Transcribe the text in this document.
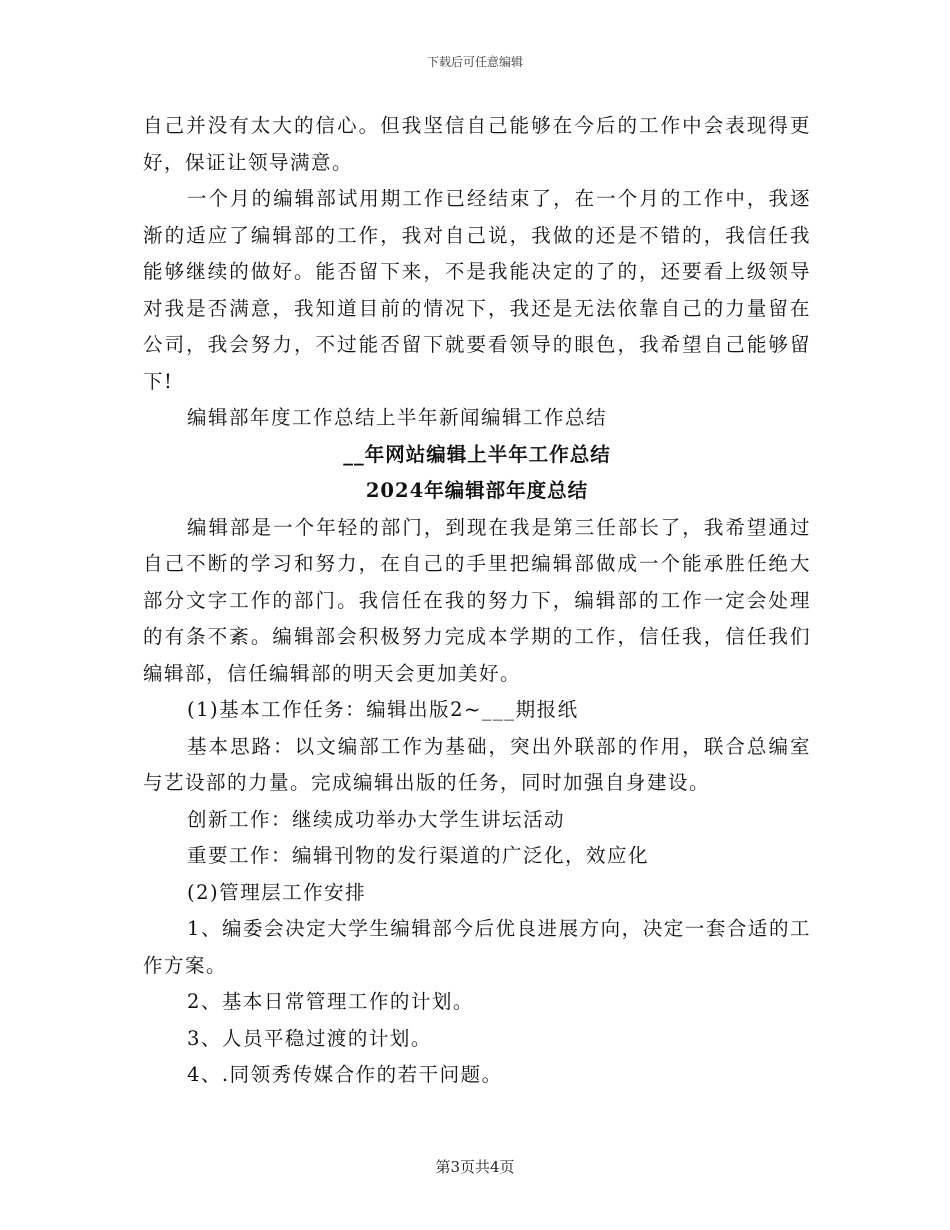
下载后可任意编辑

自己并没有太大的信心。但我坚信自己能够在今后的工作中会表现得更好，保证让领导满意。

一个月的编辑部试用期工作已经结束了，在一个月的工作中，我逐渐的适应了编辑部的工作，我对自己说，我做的还是不错的，我信任我能够继续的做好。能否留下来，不是我能决定的了的，还要看上级领导对我是否满意，我知道目前的情况下，我还是无法依靠自己的力量留在公司，我会努力，不过能否留下就要看领导的眼色，我希望自己能够留下!

编辑部年度工作总结上半年新闻编辑工作总结

__年网站编辑上半年工作总结

2024年编辑部年度总结

编辑部是一个年轻的部门，到现在我是第三任部长了，我希望通过自己不断的学习和努力，在自己的手里把编辑部做成一个能承胜任绝大部分文字工作的部门。我信任在我的努力下，编辑部的工作一定会处理的有条不紊。编辑部会积极努力完成本学期的工作，信任我，信任我们编辑部，信任编辑部的明天会更加美好。

(1)基本工作任务：编辑出版2~___期报纸

基本思路：以文编部工作为基础，突出外联部的作用，联合总编室与艺设部的力量。完成编辑出版的任务，同时加强自身建设。

创新工作：继续成功举办大学生讲坛活动

重要工作：编辑刊物的发行渠道的广泛化，效应化

(2)管理层工作安排

1、编委会决定大学生编辑部今后优良进展方向，决定一套合适的工作方案。

2、基本日常管理工作的计划。

3、人员平稳过渡的计划。

4、.同领秀传媒合作的若干问题。

第3页共4页
